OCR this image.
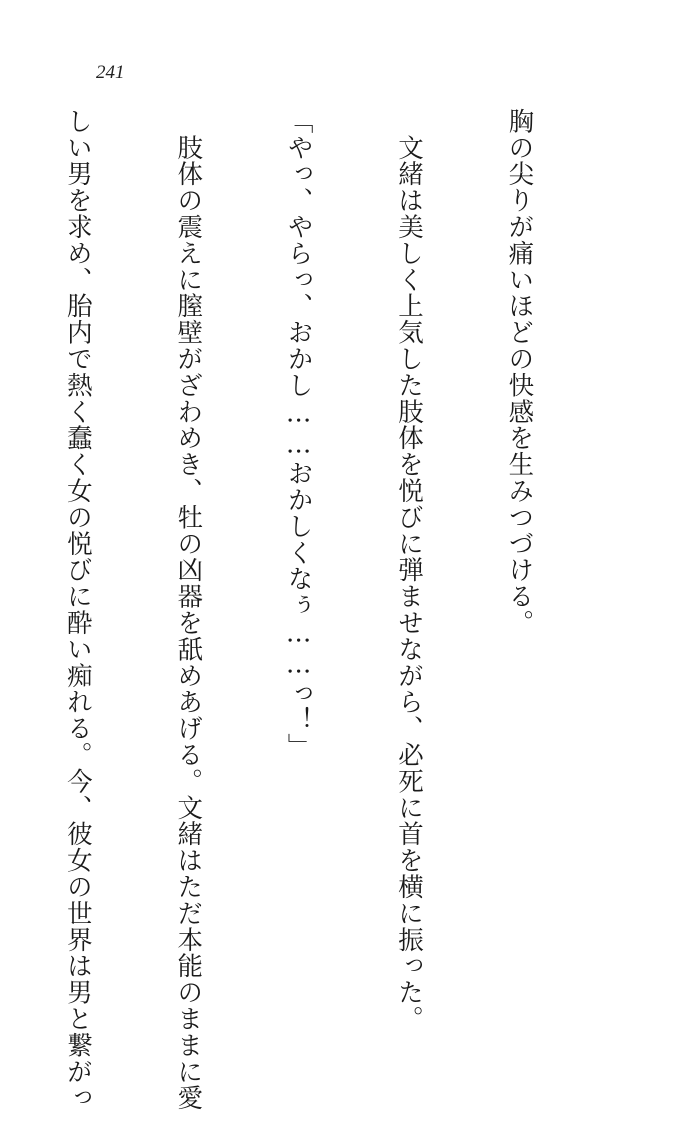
241

胸の尖りが痛いほどの快感を生みつづける。

　文緒は美しく上気した肢体を悦びに弾ませながら、必死に首を横に振った。

「やっ、やらっ、おかし……おかしくなぅ……っ！」

　肢体の震えに膣壁がざわめき、牡の凶器を舐めあげる。文緒はただ本能のままに愛

しい男を求め、胎内で熱く蠢く女の悦びに酔い痴れる。今、彼女の世界は男と繋がっ
